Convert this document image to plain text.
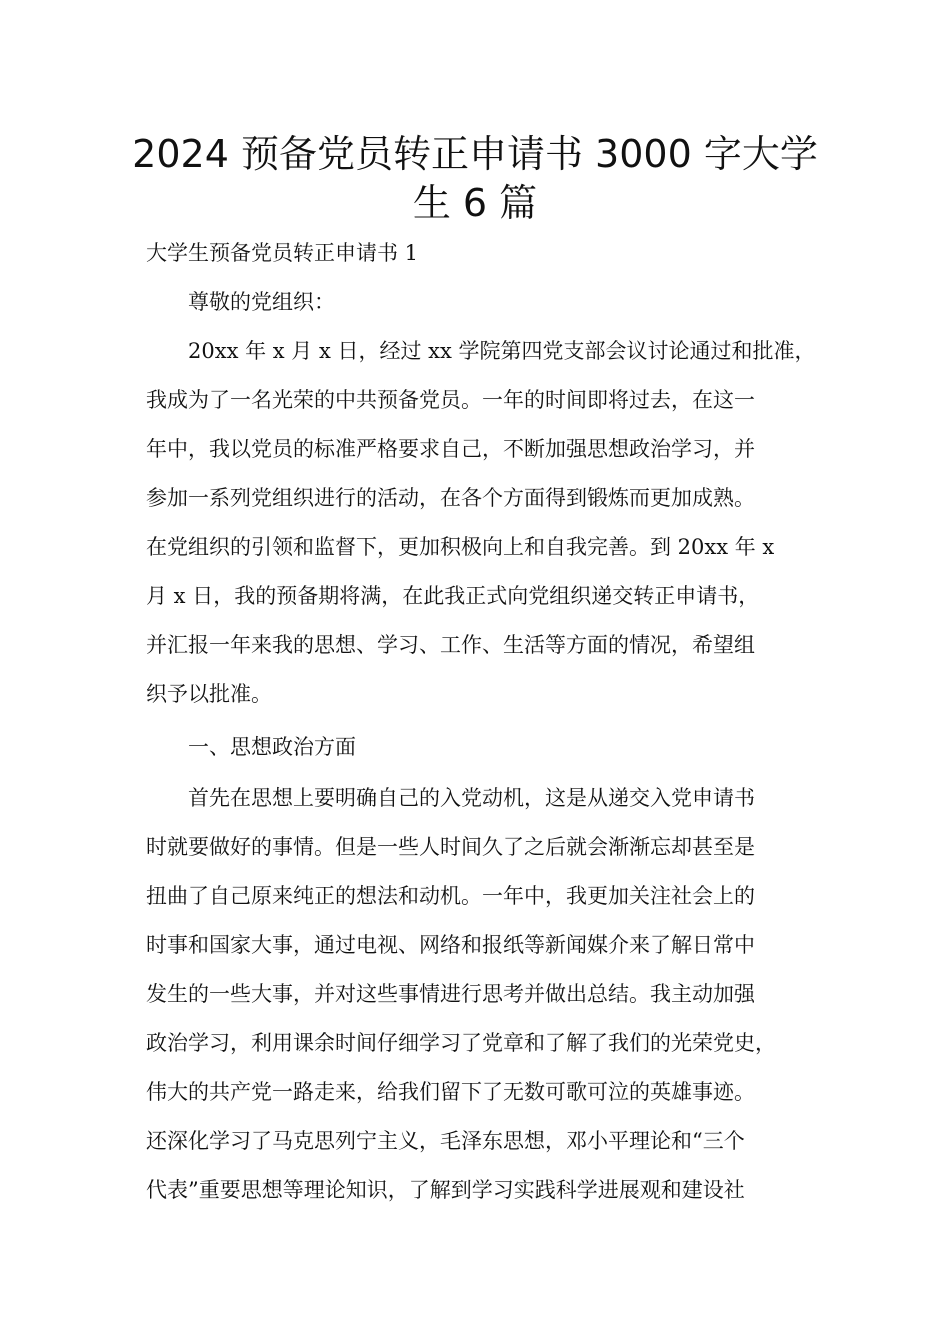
2024 预备党员转正申请书 3000 字大学
生 6 篇

大学生预备党员转正申请书 1

尊敬的党组织：

20xx 年 x 月 x 日，经过 xx 学院第四党支部会议讨论通过和批准，

我成为了一名光荣的中共预备党员。一年的时间即将过去，在这一

年中，我以党员的标准严格要求自己，不断加强思想政治学习，并

参加一系列党组织进行的活动，在各个方面得到锻炼而更加成熟。

在党组织的引领和监督下，更加积极向上和自我完善。到 20xx 年 x

月 x 日，我的预备期将满，在此我正式向党组织递交转正申请书，

并汇报一年来我的思想、学习、工作、生活等方面的情况，希望组

织予以批准。

一、思想政治方面

首先在思想上要明确自己的入党动机，这是从递交入党申请书

时就要做好的事情。但是一些人时间久了之后就会渐渐忘却甚至是

扭曲了自己原来纯正的想法和动机。一年中，我更加关注社会上的

时事和国家大事，通过电视、网络和报纸等新闻媒介来了解日常中

发生的一些大事，并对这些事情进行思考并做出总结。我主动加强

政治学习，利用课余时间仔细学习了党章和了解了我们的光荣党史，

伟大的共产党一路走来，给我们留下了无数可歌可泣的英雄事迹。

还深化学习了马克思列宁主义，毛泽东思想，邓小平理论和“三个

代表”重要思想等理论知识，了解到学习实践科学进展观和建设社
